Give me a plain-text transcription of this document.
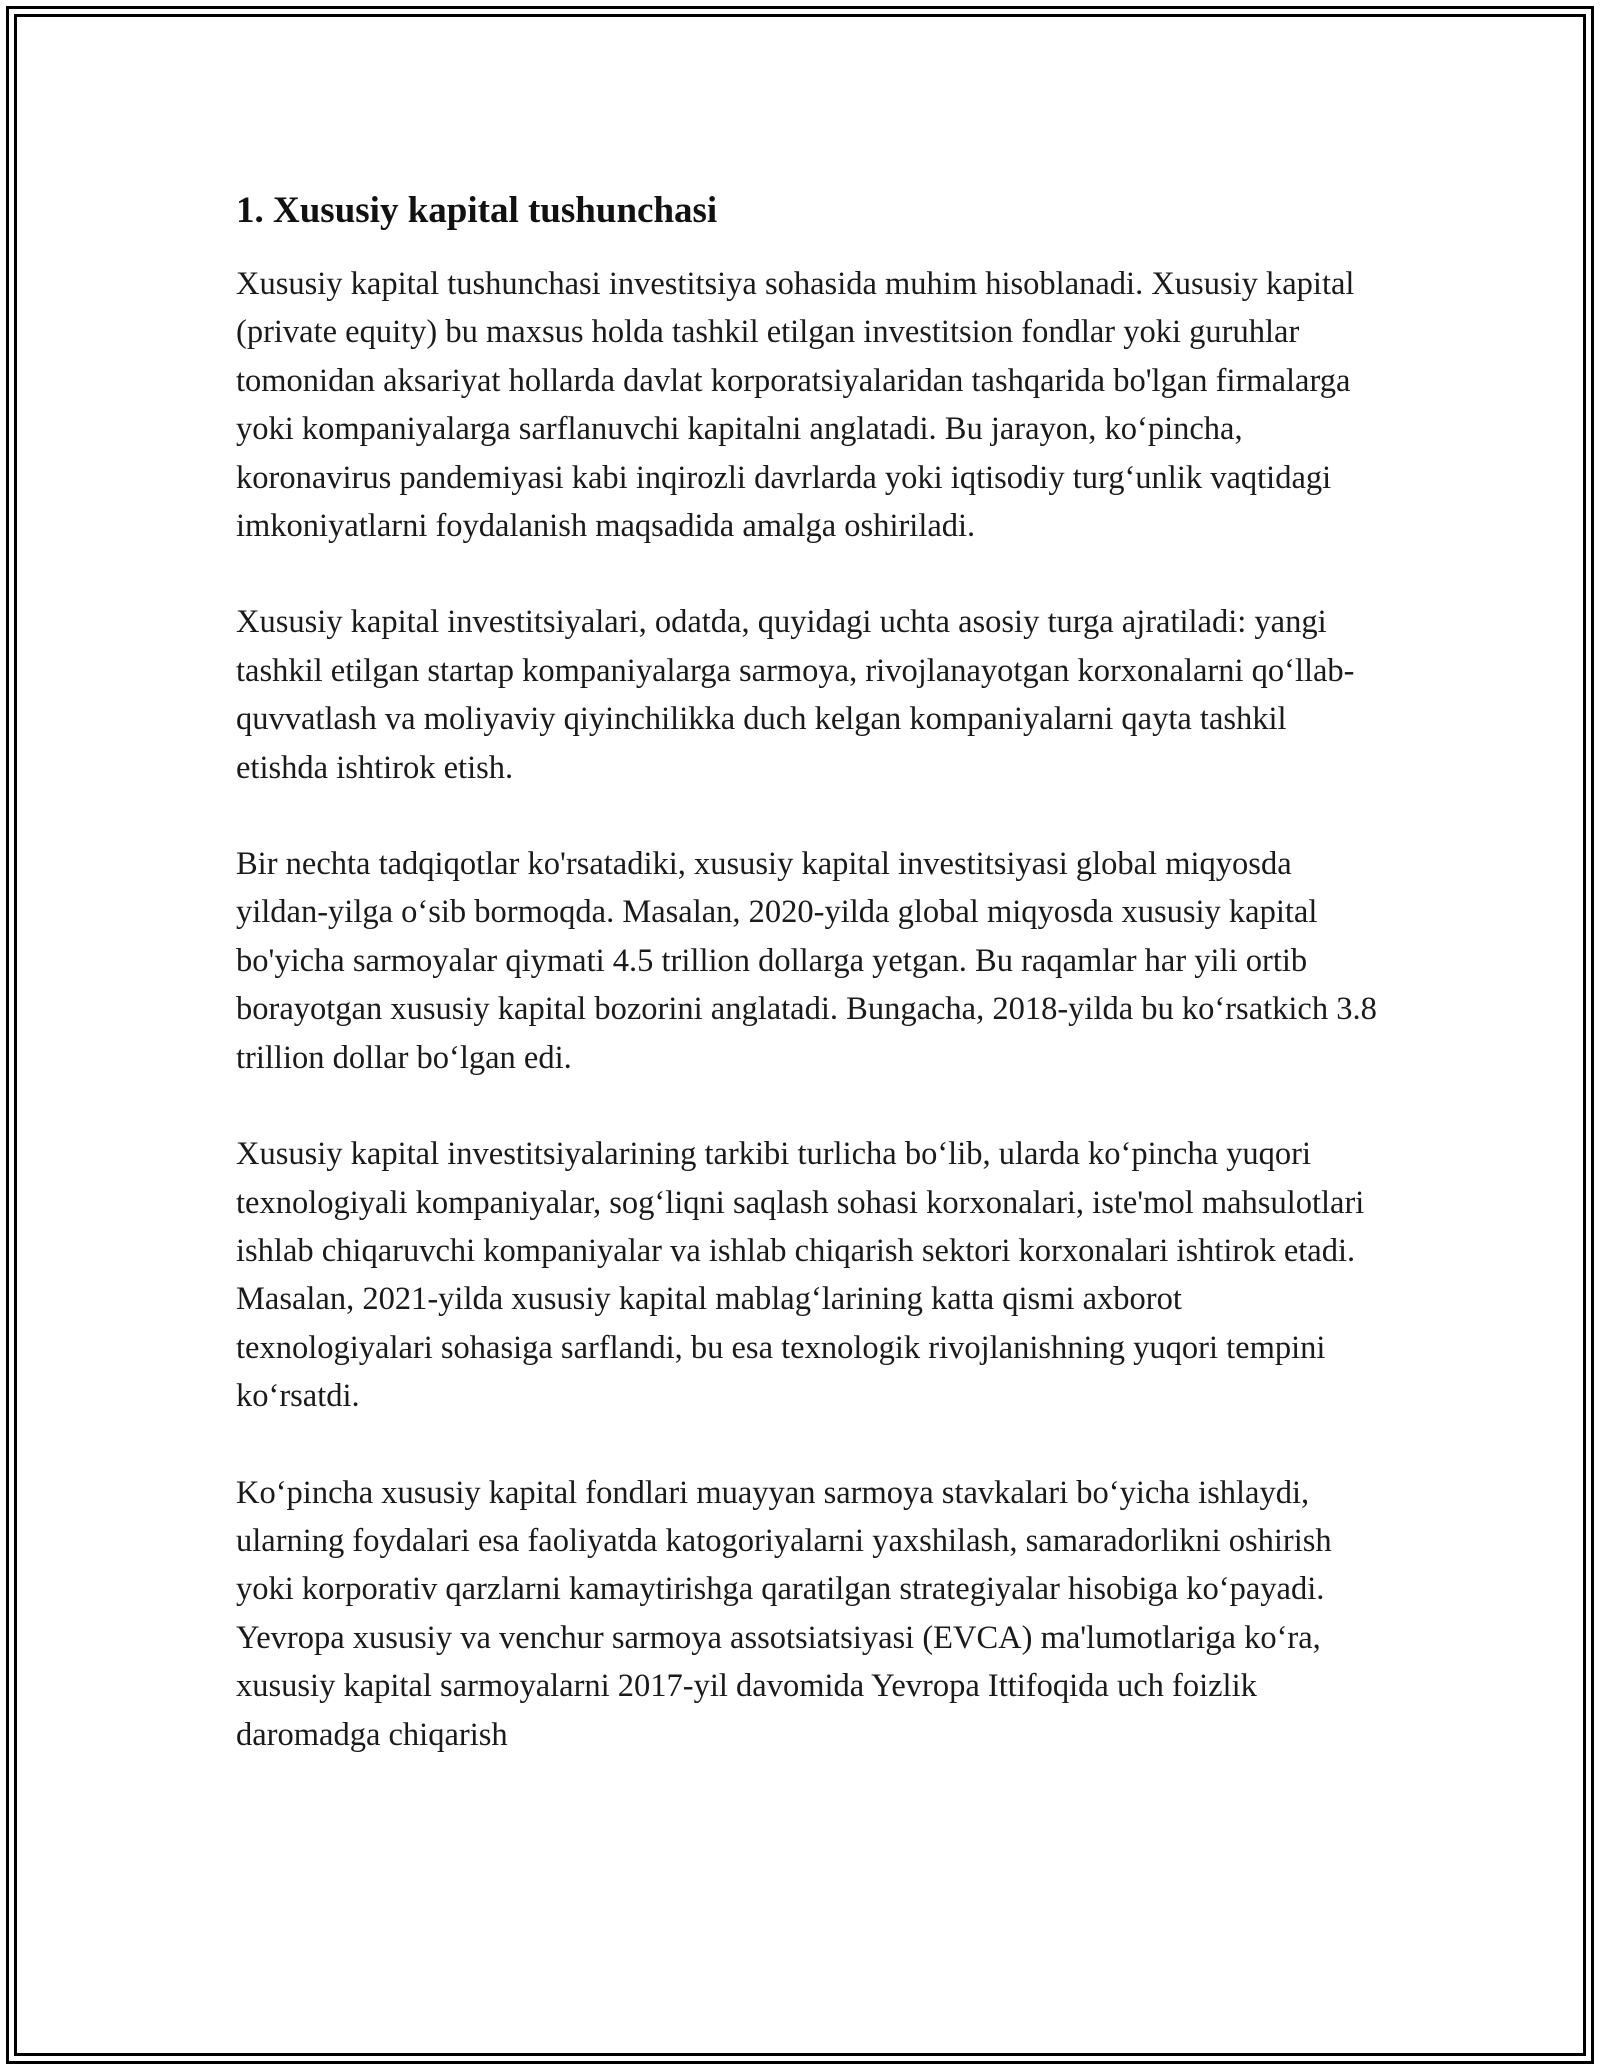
1. Xususiy kapital tushunchasi

Xususiy kapital tushunchasi investitsiya sohasida muhim hisoblanadi. Xususiy kapital (private equity) bu maxsus holda tashkil etilgan investitsion fondlar yoki guruhlar tomonidan aksariyat hollarda davlat korporatsiyalaridan tashqarida bo'lgan firmalarga yoki kompaniyalarga sarflanuvchi kapitalni anglatadi. Bu jarayon, ko‘pincha, koronavirus pandemiyasi kabi inqirozli davrlarda yoki iqtisodiy turg‘unlik vaqtidagi imkoniyatlarni foydalanish maqsadida amalga oshiriladi.

Xususiy kapital investitsiyalari, odatda, quyidagi uchta asosiy turga ajratiladi: yangi tashkil etilgan startap kompaniyalarga sarmoya, rivojlanayotgan korxonalarni qo‘llab-quvvatlash va moliyaviy qiyinchilikka duch kelgan kompaniyalarni qayta tashkil etishda ishtirok etish.

Bir nechta tadqiqotlar ko'rsatadiki, xususiy kapital investitsiyasi global miqyosda yildan-yilga o‘sib bormoqda. Masalan, 2020-yilda global miqyosda xususiy kapital bo'yicha sarmoyalar qiymati 4.5 trillion dollarga yetgan. Bu raqamlar har yili ortib borayotgan xususiy kapital bozorini anglatadi. Bungacha, 2018-yilda bu ko‘rsatkich 3.8 trillion dollar bo‘lgan edi.

Xususiy kapital investitsiyalarining tarkibi turlicha bo‘lib, ularda ko‘pincha yuqori texnologiyali kompaniyalar, sog‘liqni saqlash sohasi korxonalari, iste'mol mahsulotlari ishlab chiqaruvchi kompaniyalar va ishlab chiqarish sektori korxonalari ishtirok etadi. Masalan, 2021-yilda xususiy kapital mablag‘larining katta qismi axborot texnologiyalari sohasiga sarflandi, bu esa texnologik rivojlanishning yuqori tempini ko‘rsatdi.

Ko‘pincha xususiy kapital fondlari muayyan sarmoya stavkalari bo‘yicha ishlaydi, ularning foydalari esa faoliyatda katogoriyalarni yaxshilash, samaradorlikni oshirish yoki korporativ qarzlarni kamaytirishga qaratilgan strategiyalar hisobiga ko‘payadi. Yevropa xususiy va venchur sarmoya assotsiatsiyasi (EVCA) ma'lumotlariga ko‘ra, xususiy kapital sarmoyalarni 2017-yil davomida Yevropa Ittifoqida uch foizlik daromadga chiqarish
